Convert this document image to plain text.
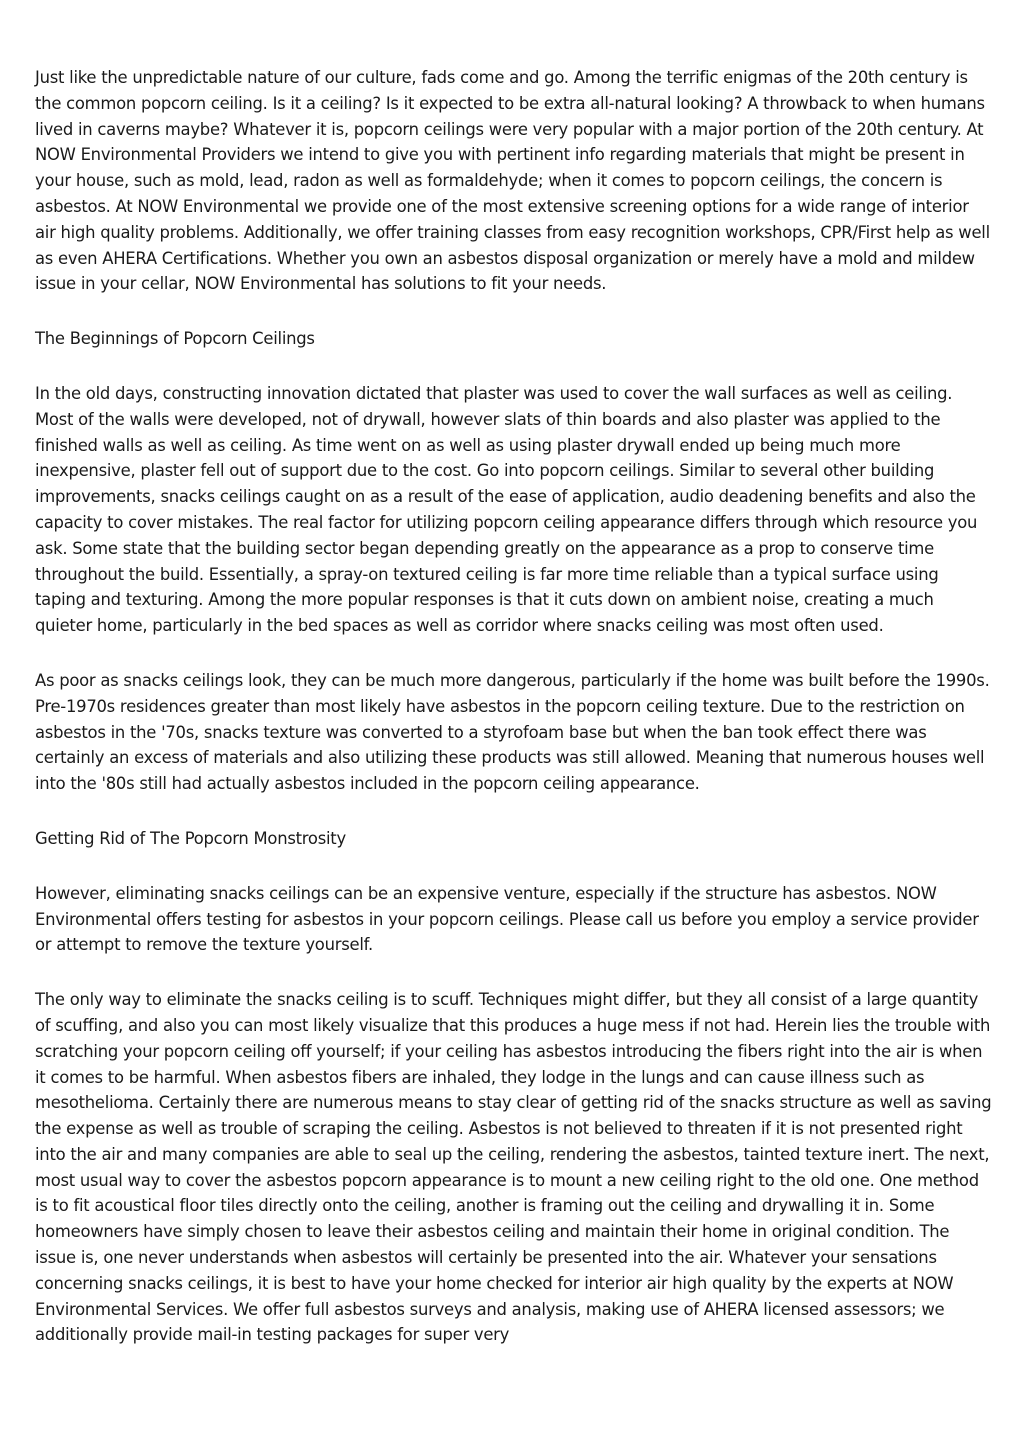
Just like the unpredictable nature of our culture, fads come and go. Among the terrific enigmas of the 20th century is the common popcorn ceiling. Is it a ceiling? Is it expected to be extra all-natural looking? A throwback to when humans lived in caverns maybe? Whatever it is, popcorn ceilings were very popular with a major portion of the 20th century. At NOW Environmental Providers we intend to give you with pertinent info regarding materials that might be present in your house, such as mold, lead, radon as well as formaldehyde; when it comes to popcorn ceilings, the concern is asbestos. At NOW Environmental we provide one of the most extensive screening options for a wide range of interior air high quality problems. Additionally, we offer training classes from easy recognition workshops, CPR/First help as well as even AHERA Certifications. Whether you own an asbestos disposal organization or merely have a mold and mildew issue in your cellar, NOW Environmental has solutions to fit your needs.

The Beginnings of Popcorn Ceilings

In the old days, constructing innovation dictated that plaster was used to cover the wall surfaces as well as ceiling. Most of the walls were developed, not of drywall, however slats of thin boards and also plaster was applied to the finished walls as well as ceiling. As time went on as well as using plaster drywall ended up being much more inexpensive, plaster fell out of support due to the cost. Go into popcorn ceilings. Similar to several other building improvements, snacks ceilings caught on as a result of the ease of application, audio deadening benefits and also the capacity to cover mistakes. The real factor for utilizing popcorn ceiling appearance differs through which resource you ask. Some state that the building sector began depending greatly on the appearance as a prop to conserve time throughout the build. Essentially, a spray-on textured ceiling is far more time reliable than a typical surface using taping and texturing. Among the more popular responses is that it cuts down on ambient noise, creating a much quieter home, particularly in the bed spaces as well as corridor where snacks ceiling was most often used.

As poor as snacks ceilings look, they can be much more dangerous, particularly if the home was built before the 1990s. Pre-1970s residences greater than most likely have asbestos in the popcorn ceiling texture. Due to the restriction on asbestos in the '70s, snacks texture was converted to a styrofoam base but when the ban took effect there was certainly an excess of materials and also utilizing these products was still allowed. Meaning that numerous houses well into the '80s still had actually asbestos included in the popcorn ceiling appearance.

Getting Rid of The Popcorn Monstrosity

However, eliminating snacks ceilings can be an expensive venture, especially if the structure has asbestos. NOW Environmental offers testing for asbestos in your popcorn ceilings. Please call us before you employ a service provider or attempt to remove the texture yourself.

The only way to eliminate the snacks ceiling is to scuff. Techniques might differ, but they all consist of a large quantity of scuffing, and also you can most likely visualize that this produces a huge mess if not had. Herein lies the trouble with scratching your popcorn ceiling off yourself; if your ceiling has asbestos introducing the fibers right into the air is when it comes to be harmful. When asbestos fibers are inhaled, they lodge in the lungs and can cause illness such as mesothelioma. Certainly there are numerous means to stay clear of getting rid of the snacks structure as well as saving the expense as well as trouble of scraping the ceiling. Asbestos is not believed to threaten if it is not presented right into the air and many companies are able to seal up the ceiling, rendering the asbestos, tainted texture inert. The next, most usual way to cover the asbestos popcorn appearance is to mount a new ceiling right to the old one. One method is to fit acoustical floor tiles directly onto the ceiling, another is framing out the ceiling and drywalling it in. Some homeowners have simply chosen to leave their asbestos ceiling and maintain their home in original condition. The issue is, one never understands when asbestos will certainly be presented into the air. Whatever your sensations concerning snacks ceilings, it is best to have your home checked for interior air high quality by the experts at NOW Environmental Services. We offer full asbestos surveys and analysis, making use of AHERA licensed assessors; we additionally provide mail-in testing packages for super very
